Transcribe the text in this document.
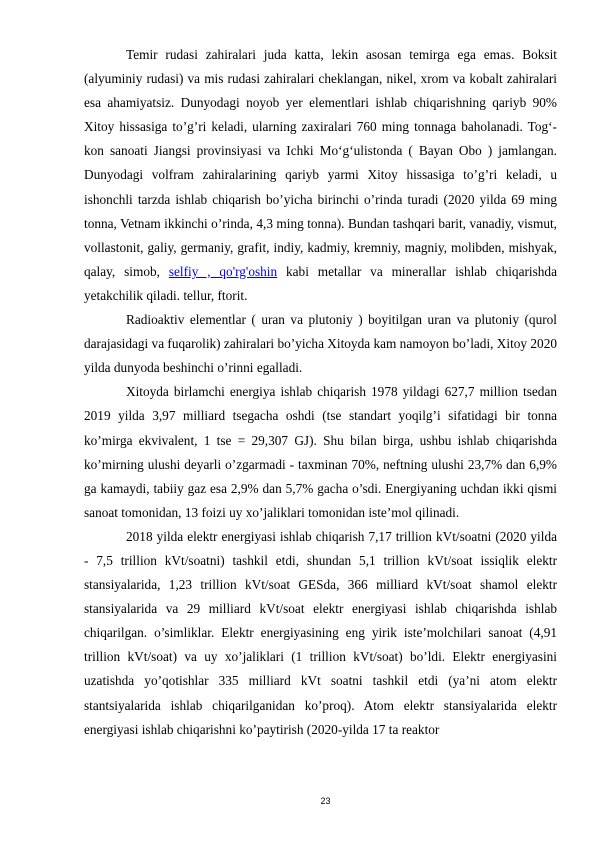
Temir rudasi zahiralari juda katta, lekin asosan temirga ega emas. Boksit (alyuminiy rudasi) va mis rudasi zahiralari cheklangan, nikel, xrom va kobalt zahiralari esa ahamiyatsiz. Dunyodagi noyob yer elementlari ishlab chiqarishning qariyb 90% Xitoy hissasiga to’g’ri keladi, ularning zaxiralari 760 ming tonnaga baholanadi. Tog‘-kon sanoati Jiangsi provinsiyasi va Ichki Mo‘g‘ulistonda ( Bayan Obo ) jamlangan. Dunyodagi volfram zahiralarining qariyb yarmi Xitoy hissasiga to’g’ri keladi, u ishonchli tarzda ishlab chiqarish bo’yicha birinchi o’rinda turadi (2020 yilda 69 ming tonna, Vetnam ikkinchi o’rinda, 4,3 ming tonna). Bundan tashqari barit, vanadiy, vismut, vollastonit, galiy, germaniy, grafit, indiy, kadmiy, kremniy, magniy, molibden, mishyak, qalay, simob, selfiy , qo'rg'oshin kabi metallar va minerallar ishlab chiqarishda yetakchilik qiladi. tellur, ftorit.

Radioaktiv elementlar ( uran va plutoniy ) boyitilgan uran va plutoniy (qurol darajasidagi va fuqarolik) zahiralari bo’yicha Xitoyda kam namoyon bo’ladi, Xitoy 2020 yilda dunyoda beshinchi o’rinni egalladi.

Xitoyda birlamchi energiya ishlab chiqarish 1978 yildagi 627,7 million tsedan 2019 yilda 3,97 milliard tsegacha oshdi (tse standart yoqilg’i sifatidagi bir tonna ko’mirga ekvivalent, 1 tse = 29,307 GJ). Shu bilan birga, ushbu ishlab chiqarishda ko’mirning ulushi deyarli o’zgarmadi - taxminan 70%, neftning ulushi 23,7% dan 6,9% ga kamaydi, tabiiy gaz esa 2,9% dan 5,7% gacha o’sdi. Energiyaning uchdan ikki qismi sanoat tomonidan, 13 foizi uy xo’jaliklari tomonidan iste’mol qilinadi.

2018 yilda elektr energiyasi ishlab chiqarish 7,17 trillion kVt/soatni (2020 yilda - 7,5 trillion kVt/soatni) tashkil etdi, shundan 5,1 trillion kVt/soat issiqlik elektr stansiyalarida, 1,23 trillion kVt/soat GESda, 366 milliard kVt/soat shamol elektr stansiyalarida va 29 milliard kVt/soat elektr energiyasi ishlab chiqarishda ishlab chiqarilgan. o’simliklar. Elektr energiyasining eng yirik iste’molchilari sanoat (4,91 trillion kVt/soat) va uy xo’jaliklari (1 trillion kVt/soat) bo’ldi. Elektr energiyasini uzatishda yo’qotishlar 335 milliard kVt soatni tashkil etdi (ya’ni atom elektr stantsiyalarida ishlab chiqarilganidan ko’proq). Atom elektr stansiyalarida elektr energiyasi ishlab chiqarishni ko’paytirish (2020-yilda 17 ta reaktor

23
